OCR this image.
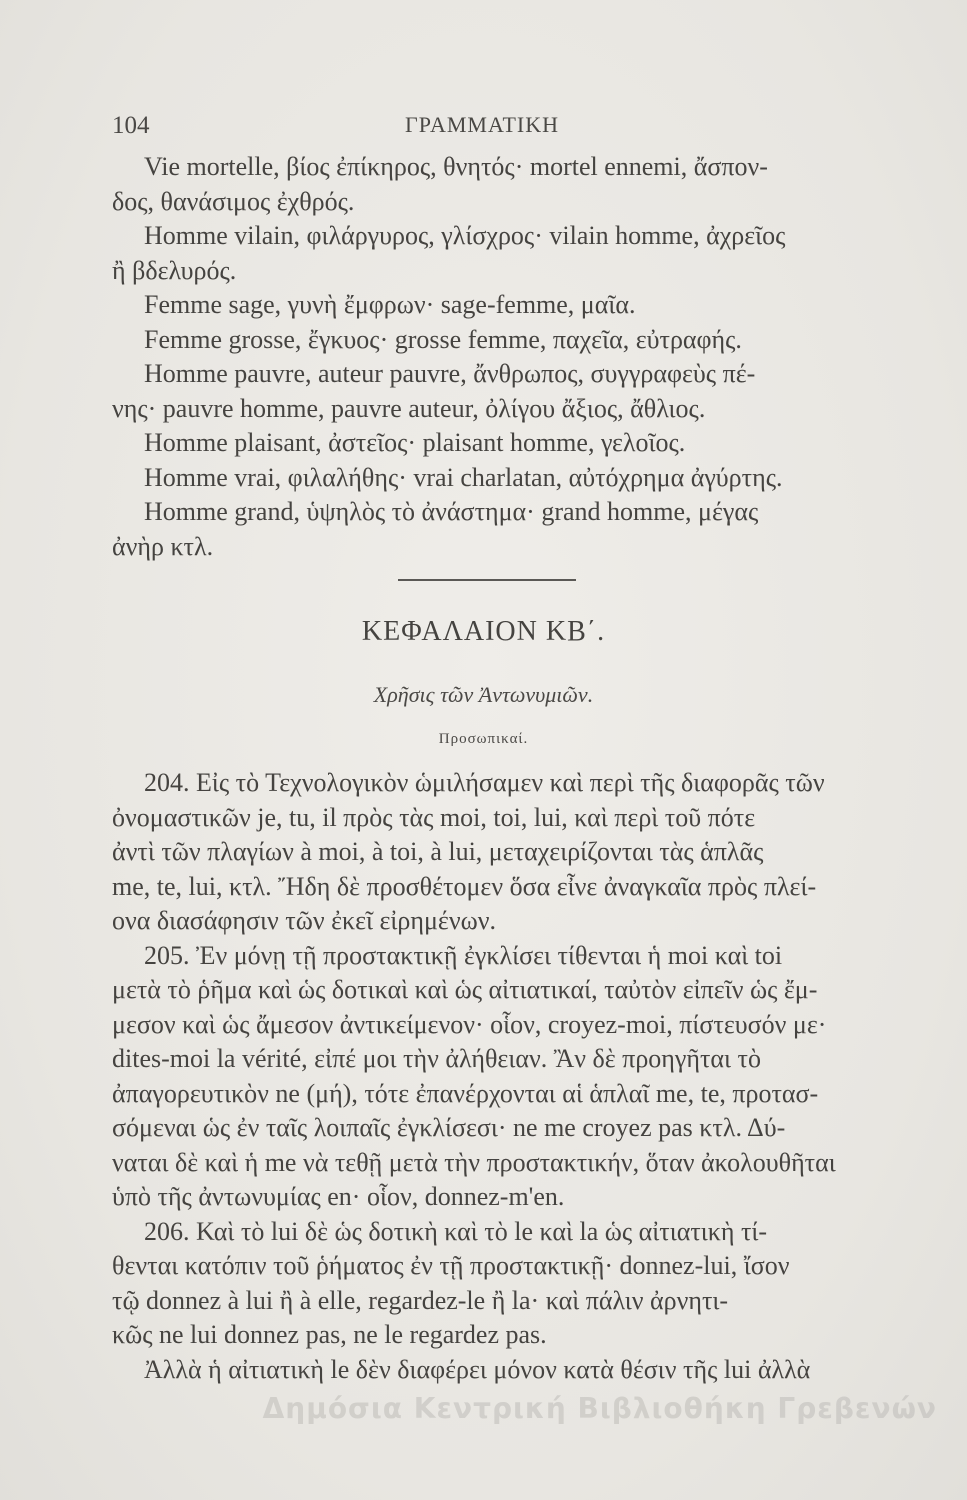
104	ΓΡΑΜΜΑΤΙΚΗ
Vie mortelle, βίος ἐπίκηρος, θνητός· mortel ennemi, ἄσπον-
δος, θανάσιμος ἐχθρός.
Homme vilain, φιλάργυρος, γλίσχρος· vilain homme, ἀχρεῖος
ἢ βδελυρός.
Femme sage, γυνὴ ἔμφρων· sage-femme, μαῖα.
Femme grosse, ἔγκυος· grosse femme, παχεῖα, εὐτραφής.
Homme pauvre, auteur pauvre, ἄνθρωπος, συγγραφεὺς πέ-
νης· pauvre homme, pauvre auteur, ὀλίγου ἄξιος, ἄθλιος.
Homme plaisant, ἀστεῖος· plaisant homme, γελοῖος.
Homme vrai, φιλαλήθης· vrai charlatan, αὐτόχρημα ἀγύρτης.
Homme grand, ὑψηλὸς τὸ ἀνάστημα· grand homme, μέγας
ἀνὴρ κτλ.
ΚΕΦΑΛΑΙΟΝ ΚΒ΄.
Χρῆσις τῶν Ἀντωνυμιῶν.
Προσωπικαί.
204. Εἰς τὸ Τεχνολογικὸν ὡμιλήσαμεν καὶ περὶ τῆς διαφορᾶς τῶν
ὀνομαστικῶν je, tu, il πρὸς τὰς moi, toi, lui, καὶ περὶ τοῦ πότε
ἀντὶ τῶν πλαγίων à moi, à toi, à lui, μεταχειρίζονται τὰς ἁπλᾶς
me, te, lui, κτλ. Ἤδη δὲ προσθέτομεν ὅσα εἶνε ἀναγκαῖα πρὸς πλεί-
ονα διασάφησιν τῶν ἐκεῖ εἰρημένων.
205. Ἐν μόνῃ τῇ προστακτικῇ ἐγκλίσει τίθενται ἡ moi καὶ toi
μετὰ τὸ ῥῆμα καὶ ὡς δοτικαὶ καὶ ὡς αἰτιατικαί, ταὐτὸν εἰπεῖν ὡς ἔμ-
μεσον καὶ ὡς ἄμεσον ἀντικείμενον· οἷον, croyez-moi, πίστευσόν με·
dites-moi la vérité, εἰπέ μοι τὴν ἀλήθειαν. Ἂν δὲ προηγῆται τὸ
ἀπαγορευτικὸν ne (μή), τότε ἐπανέρχονται αἱ ἁπλαῖ me, te, προτασ-
σόμεναι ὡς ἐν ταῖς λοιπαῖς ἐγκλίσεσι· ne me croyez pas κτλ. Δύ-
ναται δὲ καὶ ἡ me νὰ τεθῇ μετὰ τὴν προστακτικήν, ὅταν ἀκολουθῆται
ὑπὸ τῆς ἀντωνυμίας en· οἷον, donnez-m'en.
206. Καὶ τὸ lui δὲ ὡς δοτικὴ καὶ τὸ le καὶ la ὡς αἰτιατικὴ τί-
θενται κατόπιν τοῦ ῥήματος ἐν τῇ προστακτικῇ· donnez-lui, ἴσον
τῷ donnez à lui ἢ à elle, regardez-le ἢ la· καὶ πάλιν ἀρνητι-
κῶς ne lui donnez pas, ne le regardez pas.
Ἀλλὰ ἡ αἰτιατικὴ le δὲν διαφέρει μόνον κατὰ θέσιν τῆς lui ἀλλὰ
Δημόσια Κεντρική Βιβλιοθήκη Γρεβενών
